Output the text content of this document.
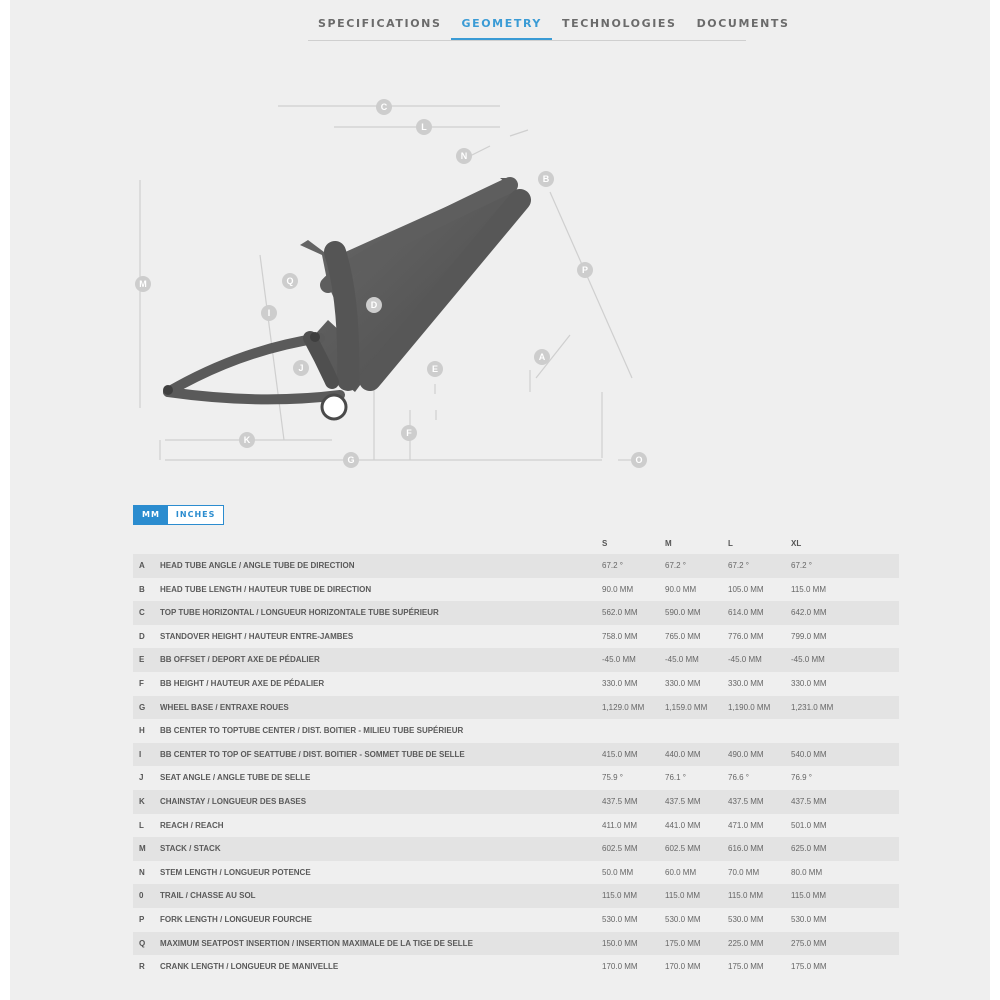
SPECIFICATIONS	GEOMETRY	TECHNOLOGIES	DOCUMENTS
C
L
N
B
M
P
Q
D
I
A
J	E
F
K
G	O
MM	INCHES
S	M	L	XL
A HEAD TUBE ANGLE / ANGLE TUBE DE DIRECTION	67.2 °	67.2 °	67.2 °	67.2 °
B HEAD TUBE LENGTH / HAUTEUR TUBE DE DIRECTION	90.0 MM	90.0 MM	105.0 MM	115.0 MM
C TOP TUBE HORIZONTAL / LONGUEUR HORIZONTALE TUBE SUPÉRIEUR	562.0 MM	590.0 MM	614.0 MM	642.0 MM
D STANDOVER HEIGHT / HAUTEUR ENTRE-JAMBES	758.0 MM	765.0 MM	776.0 MM	799.0 MM
E BB OFFSET / DEPORT AXE DE PÉDALIER	-45.0 MM	-45.0 MM	-45.0 MM	-45.0 MM
F BB HEIGHT / HAUTEUR AXE DE PÉDALIER	330.0 MM	330.0 MM	330.0 MM	330.0 MM
G WHEEL BASE / ENTRAXE ROUES	1,129.0 MM	1,159.0 MM	1,190.0 MM	1,231.0 MM
H BB CENTER TO TOPTUBE CENTER / DIST. BOITIER - MILIEU TUBE SUPÉRIEUR
I BB CENTER TO TOP OF SEATTUBE / DIST. BOITIER - SOMMET TUBE DE SELLE	415.0 MM	440.0 MM	490.0 MM	540.0 MM
J SEAT ANGLE / ANGLE TUBE DE SELLE	75.9 °	76.1 °	76.6 °	76.9 °
K CHAINSTAY / LONGUEUR DES BASES	437.5 MM	437.5 MM	437.5 MM	437.5 MM
L REACH / REACH	411.0 MM	441.0 MM	471.0 MM	501.0 MM
M STACK / STACK	602.5 MM	602.5 MM	616.0 MM	625.0 MM
N STEM LENGTH / LONGUEUR POTENCE	50.0 MM	60.0 MM	70.0 MM	80.0 MM
0 TRAIL / CHASSE AU SOL	115.0 MM	115.0 MM	115.0 MM	115.0 MM
P FORK LENGTH / LONGUEUR FOURCHE	530.0 MM	530.0 MM	530.0 MM	530.0 MM
Q MAXIMUM SEATPOST INSERTION / INSERTION MAXIMALE DE LA TIGE DE SELLE	150.0 MM	175.0 MM	225.0 MM	275.0 MM
R CRANK LENGTH / LONGUEUR DE MANIVELLE	170.0 MM	170.0 MM	175.0 MM	175.0 MM
